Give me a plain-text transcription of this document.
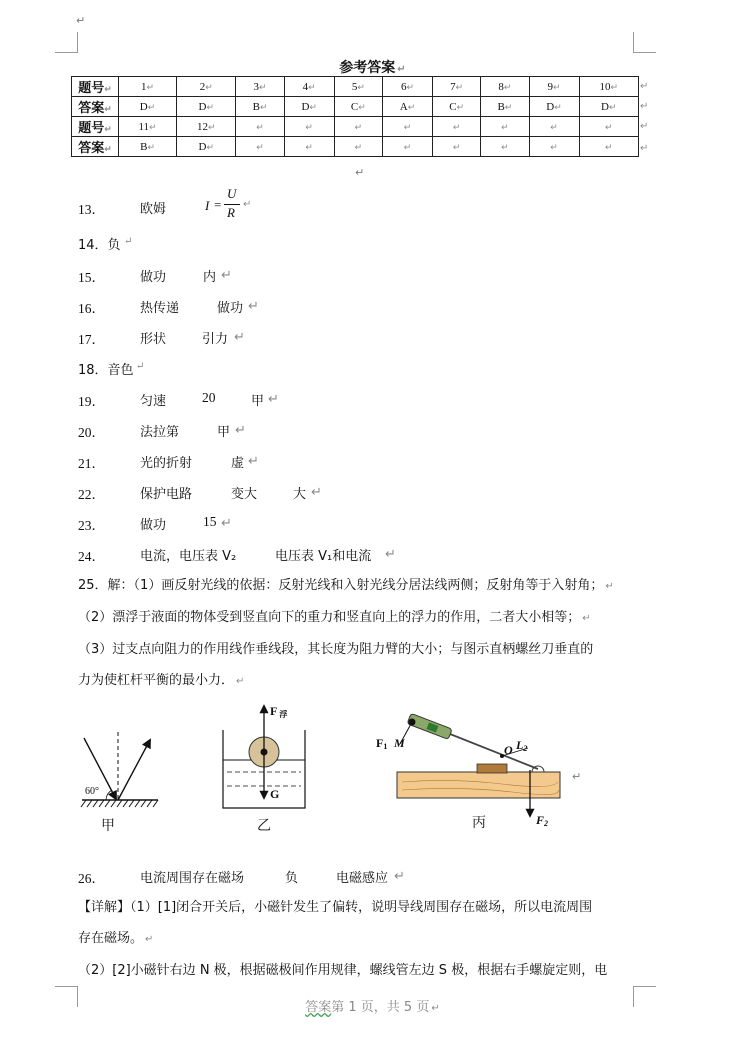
↵
参考答案 ↵
题号↵	1↵	2↵	3↵	4↵	5↵	6↵	7↵	8↵	9↵	10↵
答案↵	D↵	D↵	B↵	D↵	C↵	A↵	C↵	B↵	D↵	D↵
题号↵	11↵	12↵	↵	↵	↵	↵	↵	↵	↵	↵
答案↵	B↵	D↵	↵	↵	↵	↵	↵	↵	↵	↵
↵
↵
↵
↵
↵
13．	欧姆	I =
U
R
↵
14．负 ↵
15．	做功	内 ↵
16．	热传递	做功 ↵
17．	形状	引力 ↵
18．音色 ↵
19．	匀速	20	甲 ↵
20．	法拉第	甲 ↵
21．	光的折射	虚 ↵
22．	保护电路	变大	大 ↵
23．	做功	15 ↵
24．	电流，电压表 V₂	电压表 V₁和电流 ↵
25．解：（1）画反射光线的依据：反射光线和入射光线分居法线两侧；反射角等于入射角； ↵
（2）漂浮于液面的物体受到竖直向下的重力和竖直向上的浮力的作用，二者大小相等； ↵
（3）过支点向阻力的作用线作垂线段，其长度为阻力臂的大小；与图示直柄螺丝刀垂直的
力为使杠杆平衡的最小力． ↵
60°
甲
F浮
G
乙
F1 M	O L2
F2
↵
丙
26．	电流周围存在磁场	负	电磁感应 ↵
【详解】（1）[1]闭合开关后，小磁针发生了偏转，说明导线周围存在磁场，所以电流周围
存在磁场。 ↵
（2）[2]小磁针右边 N 极，根据磁极间作用规律，螺线管左边 S 极，根据右手螺旋定则，电
答案第 1 页，共 5 页 ↵
